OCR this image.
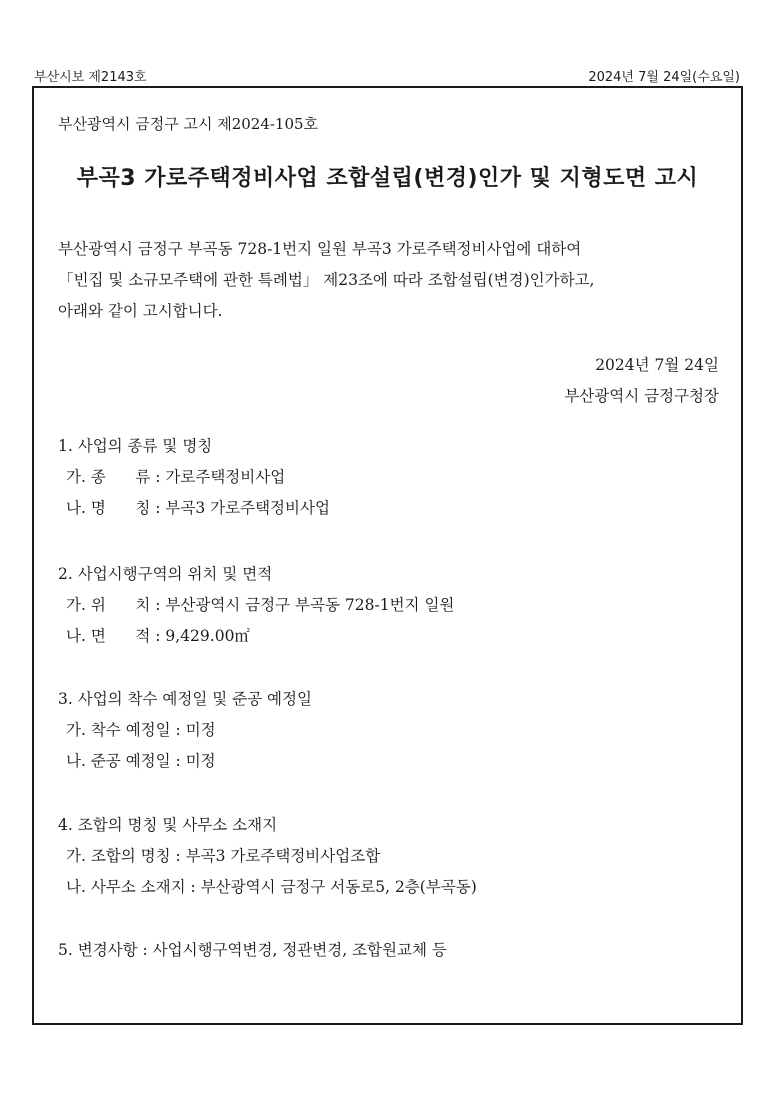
부산시보 제2143호	2024년 7월 24일(수요일)
부산광역시 금정구 고시 제2024-105호
부곡3 가로주택정비사업 조합설립(변경)인가 및 지형도면 고시
부산광역시 금정구 부곡동 728-1번지 일원 부곡3 가로주택정비사업에 대하여
「빈집 및 소규모주택에 관한 특례법」 제23조에 따라 조합설립(변경)인가하고,
아래와 같이 고시합니다.
2024년 7월 24일
부산광역시 금정구청장
1. 사업의 종류 및 명칭
가. 종      류 : 가로주택정비사업
나. 명      칭 : 부곡3 가로주택정비사업
2. 사업시행구역의 위치 및 면적
가. 위      치 : 부산광역시 금정구 부곡동 728-1번지 일원
나. 면      적 : 9,429.00㎡
3. 사업의 착수 예정일 및 준공 예정일
가. 착수 예정일 : 미정
나. 준공 예정일 : 미정
4. 조합의 명칭 및 사무소 소재지
가. 조합의 명칭 : 부곡3 가로주택정비사업조합
나. 사무소 소재지 : 부산광역시 금정구 서동로5, 2층(부곡동)
5. 변경사항 : 사업시행구역변경, 정관변경, 조합원교체 등
